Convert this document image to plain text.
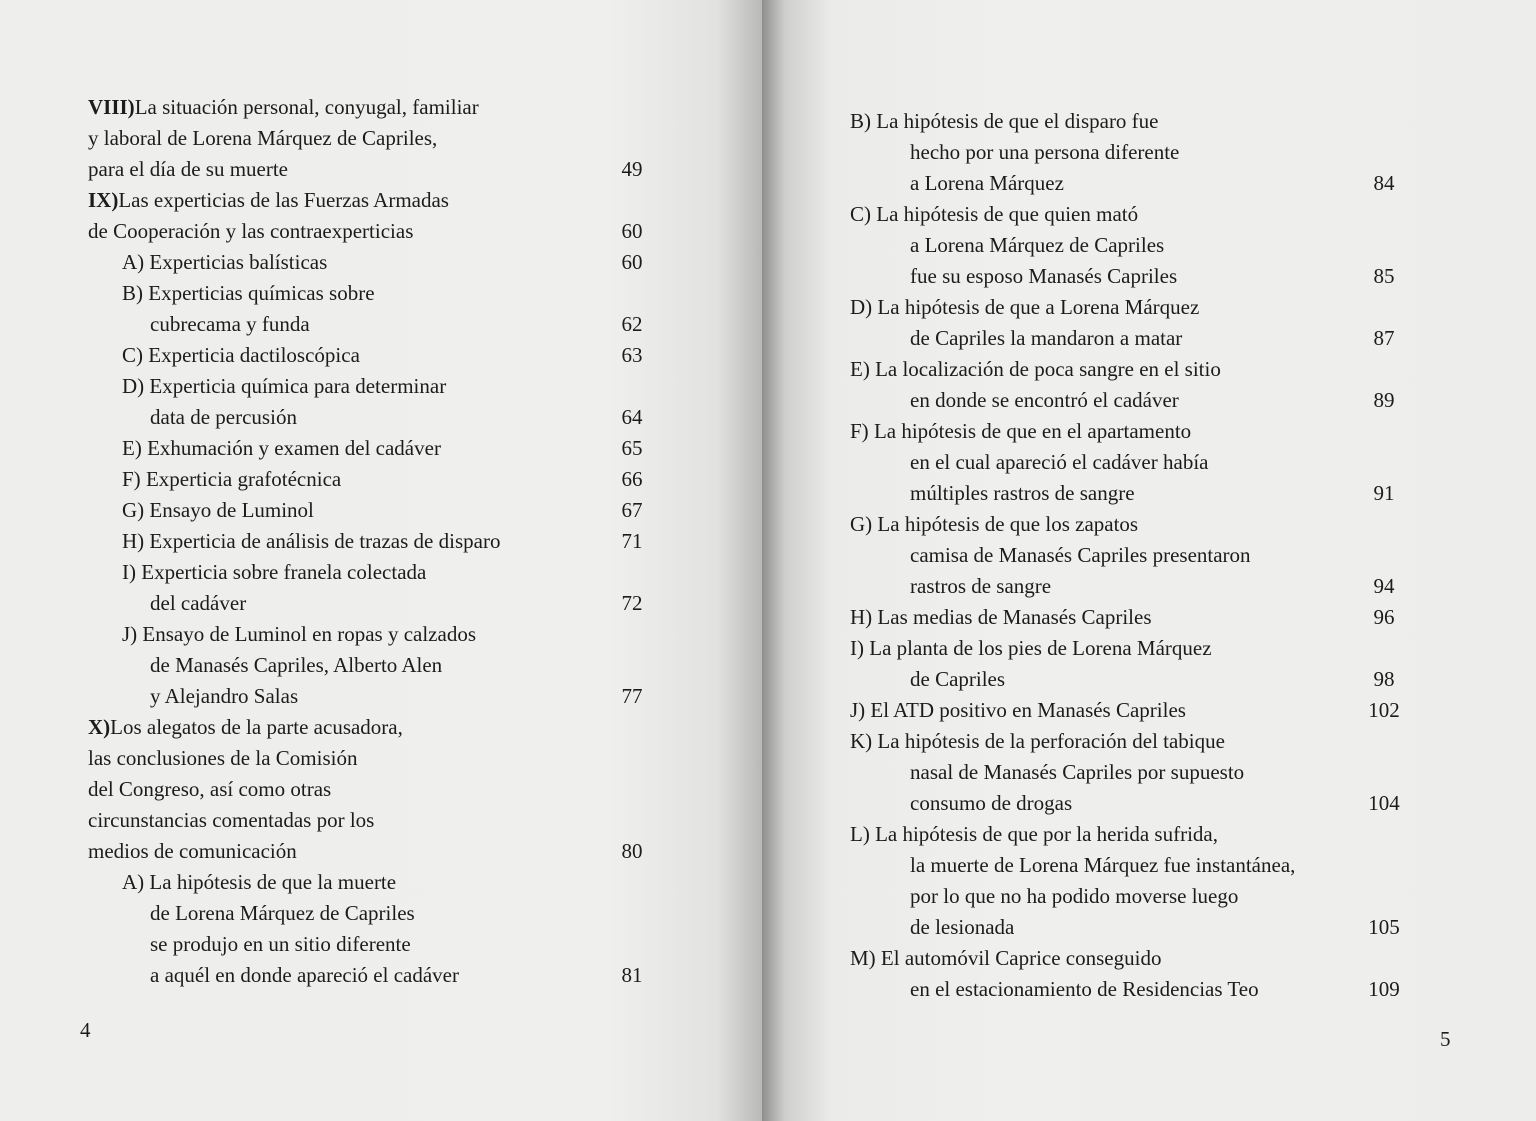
VIII)La situación personal, conyugal, familiar
y laboral de Lorena Márquez de Capriles,
para el día de su muerte	49
IX)Las experticias de las Fuerzas Armadas
de Cooperación y las contraexperticias	60
A) Experticias balísticas	60
B) Experticias químicas sobre
cubrecama y funda	62
C) Experticia dactiloscópica	63
D) Experticia química para determinar
data de percusión	64
E) Exhumación y examen del cadáver	65
F) Experticia grafotécnica	66
G) Ensayo de Luminol	67
H) Experticia de análisis de trazas de disparo	71
I) Experticia sobre franela colectada
del cadáver	72
J) Ensayo de Luminol en ropas y calzados
de Manasés Capriles, Alberto Alen
y Alejandro Salas	77
X)Los alegatos de la parte acusadora,
las conclusiones de la Comisión
del Congreso, así como otras
circunstancias comentadas por los
medios de comunicación	80
A) La hipótesis de que la muerte
de Lorena Márquez de Capriles
se produjo en un sitio diferente
a aquél en donde apareció el cadáver	81
4
B) La hipótesis de que el disparo fue
hecho por una persona diferente
a Lorena Márquez	84
C) La hipótesis de que quien mató
a Lorena Márquez de Capriles
fue su esposo Manasés Capriles	85
D) La hipótesis de que a Lorena Márquez
de Capriles la mandaron a matar	87
E) La localización de poca sangre en el sitio
en donde se encontró el cadáver	89
F) La hipótesis de que en el apartamento
en el cual apareció el cadáver había
múltiples rastros de sangre	91
G) La hipótesis de que los zapatos
camisa de Manasés Capriles presentaron
rastros de sangre	94
H) Las medias de Manasés Capriles	96
I) La planta de los pies de Lorena Márquez
de Capriles	98
J) El ATD positivo en Manasés Capriles	102
K) La hipótesis de la perforación del tabique
nasal de Manasés Capriles por supuesto
consumo de drogas	104
L) La hipótesis de que por la herida sufrida,
la muerte de Lorena Márquez fue instantánea,
por lo que no ha podido moverse luego
de lesionada	105
M) El automóvil Caprice conseguido
en el estacionamiento de Residencias Teo	109
5
